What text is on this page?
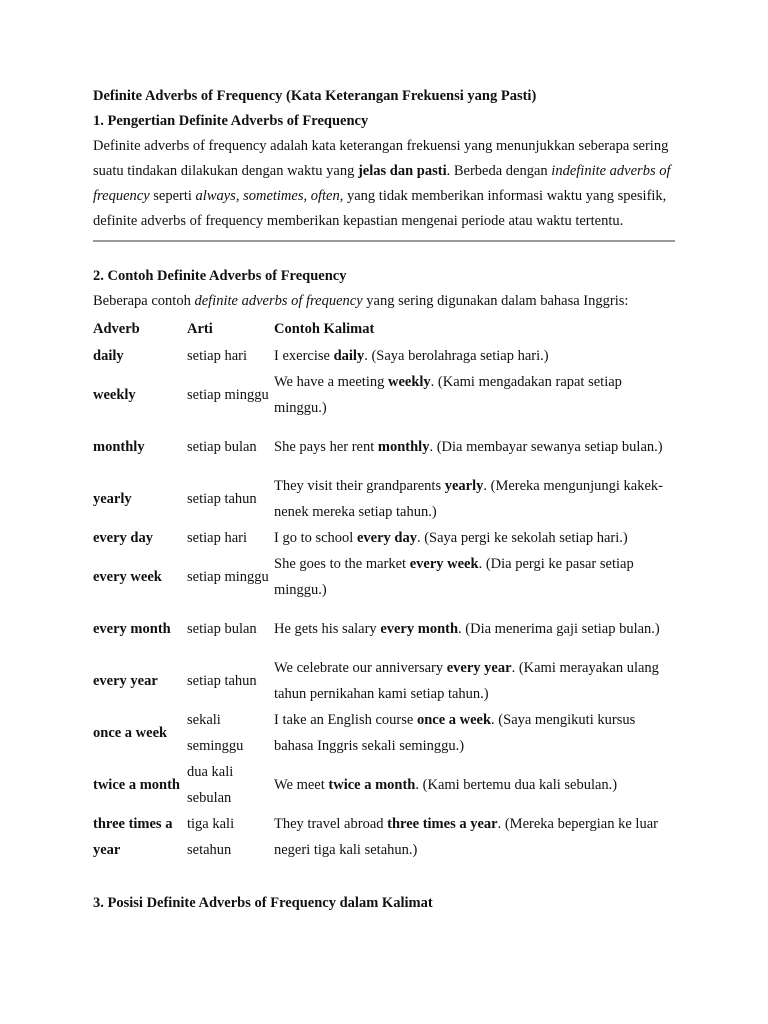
Definite Adverbs of Frequency (Kata Keterangan Frekuensi yang Pasti)
1. Pengertian Definite Adverbs of Frequency

Definite adverbs of frequency adalah kata keterangan frekuensi yang menunjukkan seberapa sering suatu tindakan dilakukan dengan waktu yang jelas dan pasti. Berbeda dengan indefinite adverbs of frequency seperti always, sometimes, often, yang tidak memberikan informasi waktu yang spesifik, definite adverbs of frequency memberikan kepastian mengenai periode atau waktu tertentu.

2. Contoh Definite Adverbs of Frequency
Beberapa contoh definite adverbs of frequency yang sering digunakan dalam bahasa Inggris:
Adverb	Arti	Contoh Kalimat
daily	setiap hari	I exercise daily. (Saya berolahraga setiap hari.)
weekly	setiap minggu	We have a meeting weekly. (Kami mengadakan rapat setiap minggu.)
monthly	setiap bulan	She pays her rent monthly. (Dia membayar sewanya setiap bulan.)
yearly	setiap tahun	They visit their grandparents yearly. (Mereka mengunjungi kakek-nenek mereka setiap tahun.)
every day	setiap hari	I go to school every day. (Saya pergi ke sekolah setiap hari.)
every week	setiap minggu	She goes to the market every week. (Dia pergi ke pasar setiap minggu.)
every month	setiap bulan	He gets his salary every month. (Dia menerima gaji setiap bulan.)
every year	setiap tahun	We celebrate our anniversary every year. (Kami merayakan ulang tahun pernikahan kami setiap tahun.)
once a week	sekali seminggu	I take an English course once a week. (Saya mengikuti kursus bahasa Inggris sekali seminggu.)
twice a month	dua kali sebulan	We meet twice a month. (Kami bertemu dua kali sebulan.)
three times a year	tiga kali setahun	They travel abroad three times a year. (Mereka bepergian ke luar negeri tiga kali setahun.)
3. Posisi Definite Adverbs of Frequency dalam Kalimat
